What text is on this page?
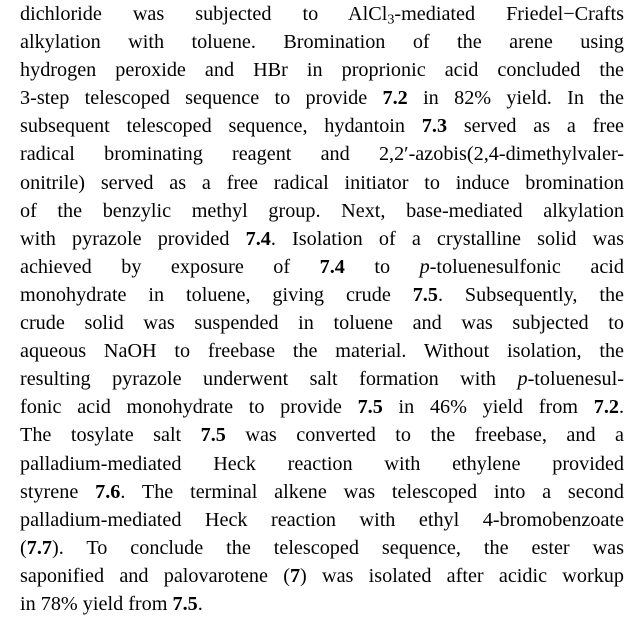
dichloride was subjected to AlCl$_3$-mediated Friedel−Crafts
alkylation with toluene. Bromination of the arene using
hydrogen peroxide and HBr in proprionic acid concluded the
3-step telescoped sequence to provide 7.2 in 82% yield. In the
subsequent telescoped sequence, hydantoin 7.3 served as a free
radical brominating reagent and 2,2′-azobis(2,4-dimethylvaler-
onitrile) served as a free radical initiator to induce bromination
of the benzylic methyl group. Next, base-mediated alkylation
with pyrazole provided 7.4. Isolation of a crystalline solid was
achieved by exposure of 7.4 to p-toluenesulfonic acid
monohydrate in toluene, giving crude 7.5. Subsequently, the
crude solid was suspended in toluene and was subjected to
aqueous NaOH to freebase the material. Without isolation, the
resulting pyrazole underwent salt formation with p-toluenesul-
fonic acid monohydrate to provide 7.5 in 46% yield from 7.2.
The tosylate salt 7.5 was converted to the freebase, and a
palladium-mediated Heck reaction with ethylene provided
styrene 7.6. The terminal alkene was telescoped into a second
palladium-mediated Heck reaction with ethyl 4-bromobenzoate
(7.7). To conclude the telescoped sequence, the ester was
saponified and palovarotene (7) was isolated after acidic workup
in 78% yield from 7.5.
